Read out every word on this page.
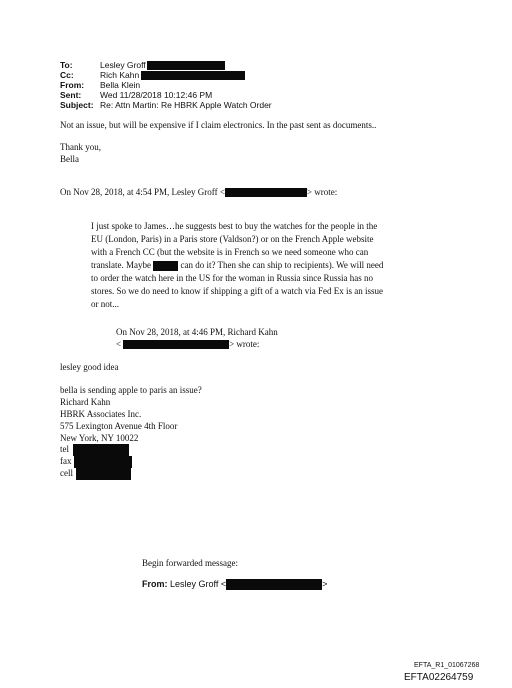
To:	Lesley Groff
Cc:	Rich Kahn
From: Bella Klein
Sent: Wed 11/28/2018 10:12:46 PM
Subject: Re: Attn Martin: Re HBRK Apple Watch Order
Not an issue, but will be expensive if I claim electronics. In the past sent as documents..
Thank you,
Bella
On Nov 28, 2018, at 4:54 PM, Lesley Groff <	> wrote:
I just spoke to James…he suggests best to buy the watches for the people in the
EU (London, Paris) in a Paris store (Valdson?) or on the French Apple website
with a French CC (but the website is in French so we need someone who can
translate. Maybe	can do it? Then she can ship to recipients). We will need
to order the watch here in the US for the woman in Russia since Russia has no
stores. So we do need to know if shipping a gift of a watch via Fed Ex is an issue
or not...
On Nov 28, 2018, at 4:46 PM, Richard Kahn
<	> wrote:
lesley good idea
bella is sending apple to paris an issue?
Richard Kahn
HBRK Associates Inc.
575 Lexington Avenue 4th Floor
New York, NY 10022
tel
fax
cell
Begin forwarded message:
From: Lesley Groff <	>
EFTA_R1_01067268
EFTA02264759
